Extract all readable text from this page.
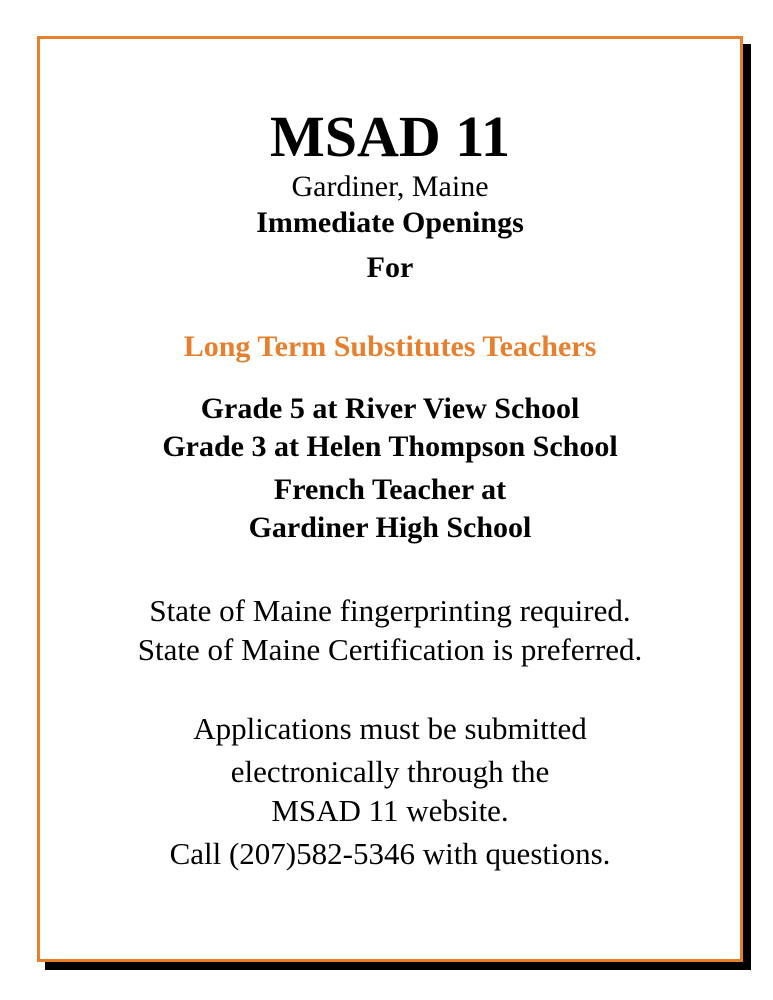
MSAD 11
Gardiner, Maine
Immediate Openings
For
Long Term Substitutes Teachers
Grade 5 at River View School
Grade 3 at Helen Thompson School
French Teacher at
Gardiner High School
State of Maine fingerprinting required.
State of Maine Certification is preferred.
Applications must be submitted
electronically through the
MSAD 11 website.
Call (207)582-5346 with questions.
